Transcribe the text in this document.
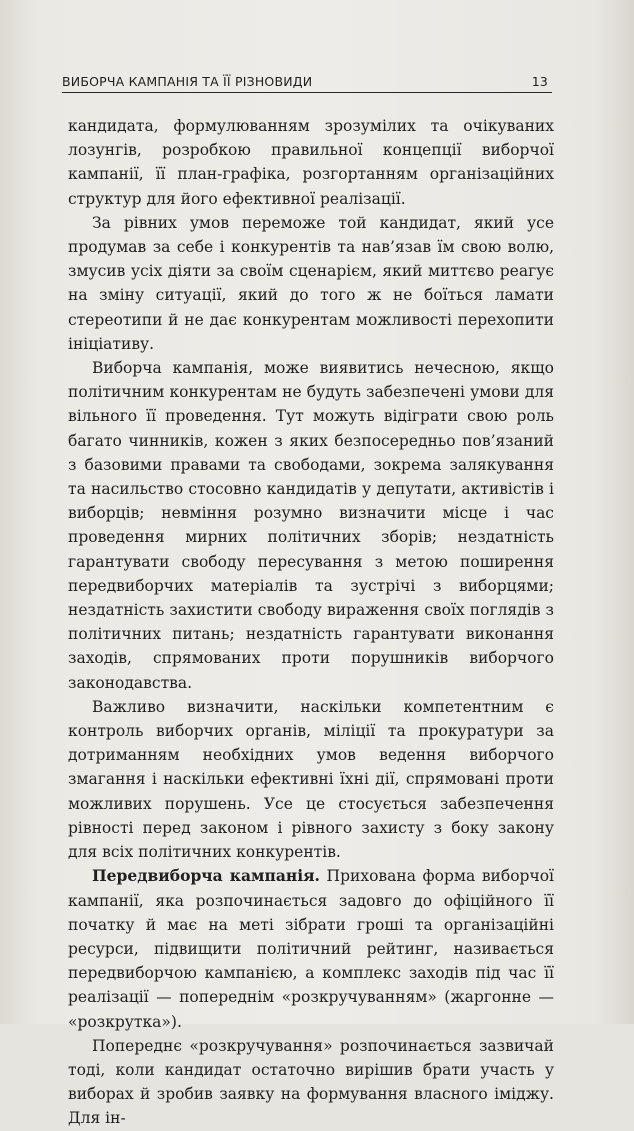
ВИБОРЧА КАМПАНІЯ ТА ЇЇ РІЗНОВИДИ	13

кандидата, формулюванням зрозумілих та очікуваних лозунгів, розробкою правильної концепції виборчої кампанії, її план-графіка, розгортанням організаційних структур для його ефективної реалізації.

За рівних умов переможе той кандидат, який усе продумав за себе і конкурентів та нав’язав їм свою волю, змусив усіх діяти за своїм сценарієм, який миттєво реагує на зміну ситуації, який до того ж не боїться ламати стереотипи й не дає конкурентам можливості перехопити ініціативу.

Виборча кампанія, може виявитись нечесною, якщо політичним конкурентам не будуть забезпечені умови для вільного її проведення. Тут можуть відіграти свою роль багато чинників, кожен з яких безпосередньо пов’язаний з базовими правами та свободами, зокрема залякування та насильство стосовно кандидатів у депутати, активістів і виборців; невміння розумно визначити місце і час проведення мирних політичних зборів; нездатність гарантувати свободу пересування з метою поширення передвиборчих матеріалів та зустрічі з виборцями; нездатність захистити свободу вираження своїх поглядів з політичних питань; нездатність гарантувати виконання заходів, спрямованих проти порушників виборчого законодавства.

Важливо визначити, наскільки компетентним є контроль виборчих органів, міліції та прокуратури за дотриманням необхідних умов ведення виборчого змагання і наскільки ефективні їхні дії, спрямовані проти можливих порушень. Усе це стосується забезпечення рівності перед законом і рівного захисту з боку закону для всіх політичних конкурентів.

Передвиборча кампанія. Прихована форма виборчої кампанії, яка розпочинається задовго до офіційного її початку й має на меті зібрати гроші та організаційні ресурси, підвищити політичний рейтинг, називається передвиборчою кампанією, а комплекс заходів під час її реалізації — попереднім «розкручуванням» (жаргонне — «розкрутка»).

Попереднє «розкручування» розпочинається зазвичай тоді, коли кандидат остаточно вирішив брати участь у виборах й зробив заявку на формування власного іміджу. Для ін-
